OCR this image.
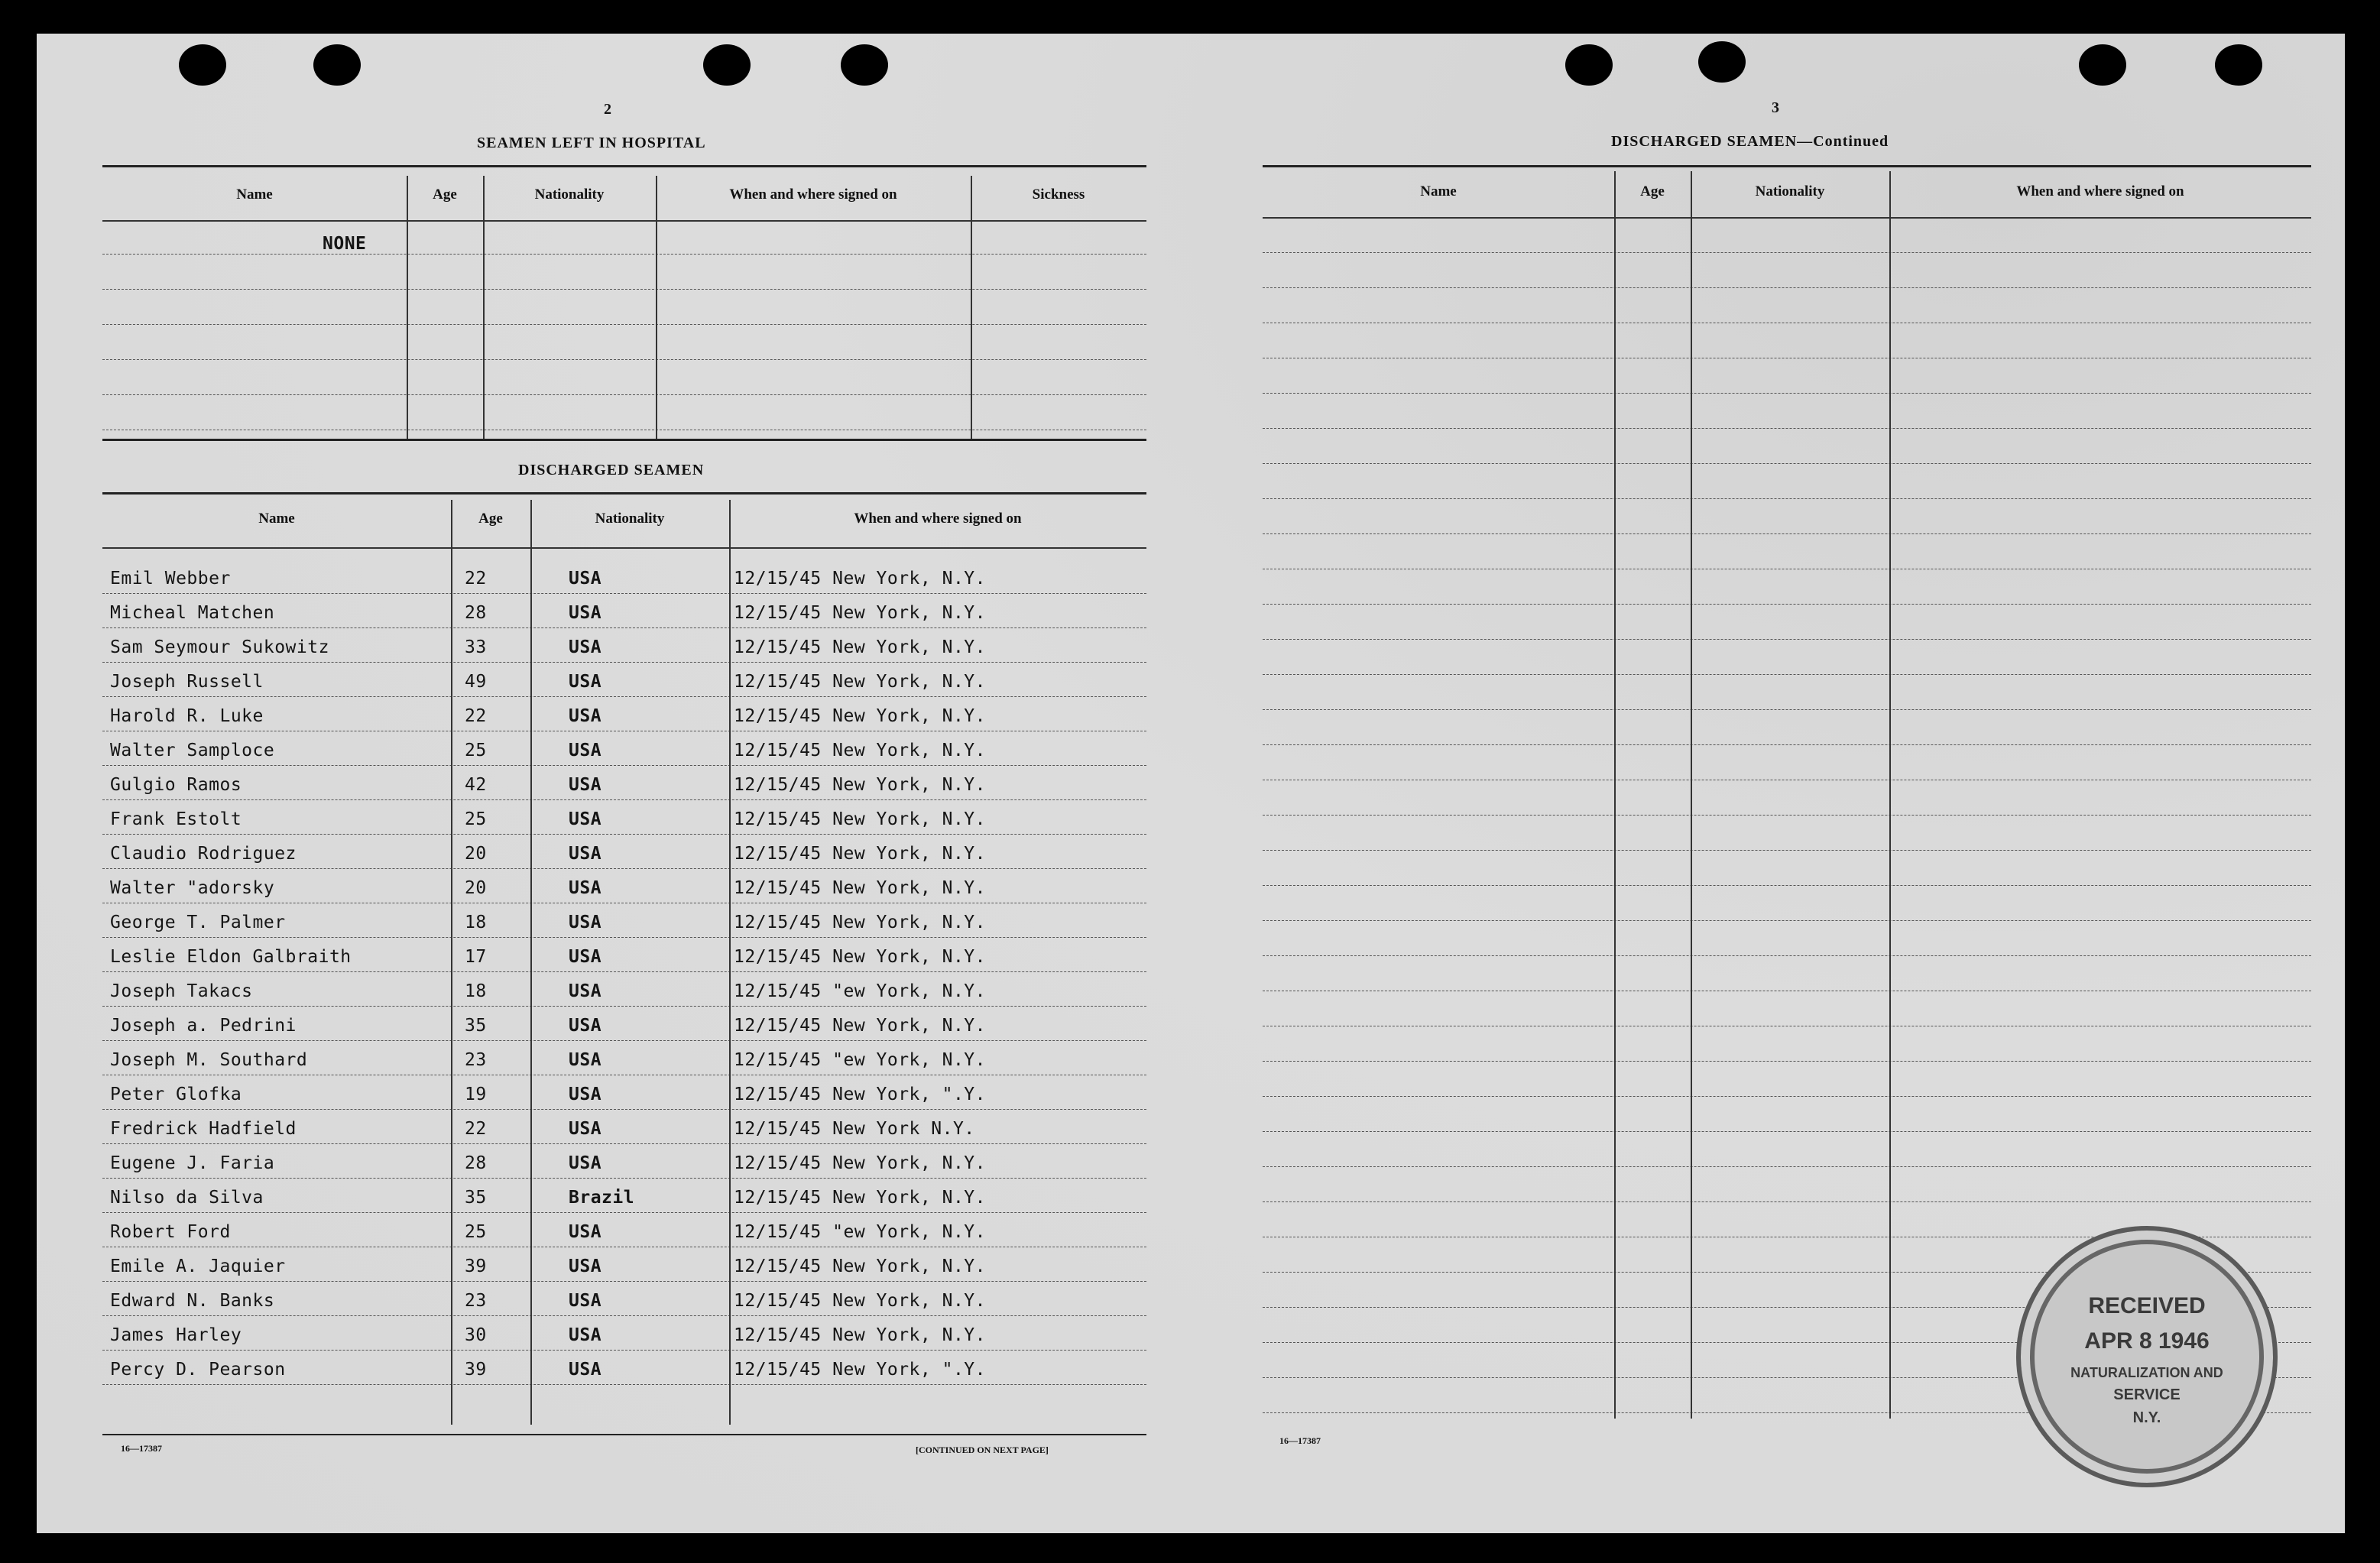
2
SEAMEN LEFT IN HOSPITAL
Name	Age	Nationality	When and where signed on	Sickness
NONE
DISCHARGED SEAMEN
Name	Age	Nationality	When and where signed on
Emil Webber	22	USA	12/15/45 New York, N.Y.
Micheal Matchen	28	USA	12/15/45 New York, N.Y.
Sam Seymour Sukowitz	33	USA	12/15/45 New York, N.Y.
Joseph Russell	49	USA	12/15/45 New York, N.Y.
Harold R. Luke	22	USA	12/15/45 New York, N.Y.
Walter Samploce	25	USA	12/15/45 New York, N.Y.
Gulgio Ramos	42	USA	12/15/45 New York, N.Y.
Frank Estolt	25	USA	12/15/45 New York, N.Y.
Claudio Rodriguez	20	USA	12/15/45 New York, N.Y.
Walter "adorsky	20	USA	12/15/45 New York, N.Y.
George T. Palmer	18	USA	12/15/45 New York, N.Y.
Leslie Eldon Galbraith	17	USA	12/15/45 New York, N.Y.
Joseph Takacs	18	USA	12/15/45 "ew York, N.Y.
Joseph a. Pedrini	35	USA	12/15/45 New York, N.Y.
Joseph M. Southard	23	USA	12/15/45 "ew York, N.Y.
Peter Glofka	19	USA	12/15/45 New York, ".Y.
Fredrick Hadfield	22	USA	12/15/45 New York N.Y.
Eugene J. Faria	28	USA	12/15/45 New York, N.Y.
Nilso da Silva	35	Brazil	12/15/45 New York, N.Y.
Robert Ford	25	USA	12/15/45 "ew York, N.Y.
Emile A. Jaquier	39	USA	12/15/45 New York, N.Y.
Edward N. Banks	23	USA	12/15/45 New York, N.Y.
James Harley	30	USA	12/15/45 New York, N.Y.
Percy D. Pearson	39	USA	12/15/45 New York, ".Y.
16—17387	[CONTINUED ON NEXT PAGE]
3
DISCHARGED SEAMEN—Continued
Name	Age	Nationality	When and where signed on
16—17387
RECEIVED
APR 8 1946
NATURALIZATION AND
SERVICE
N.Y.
